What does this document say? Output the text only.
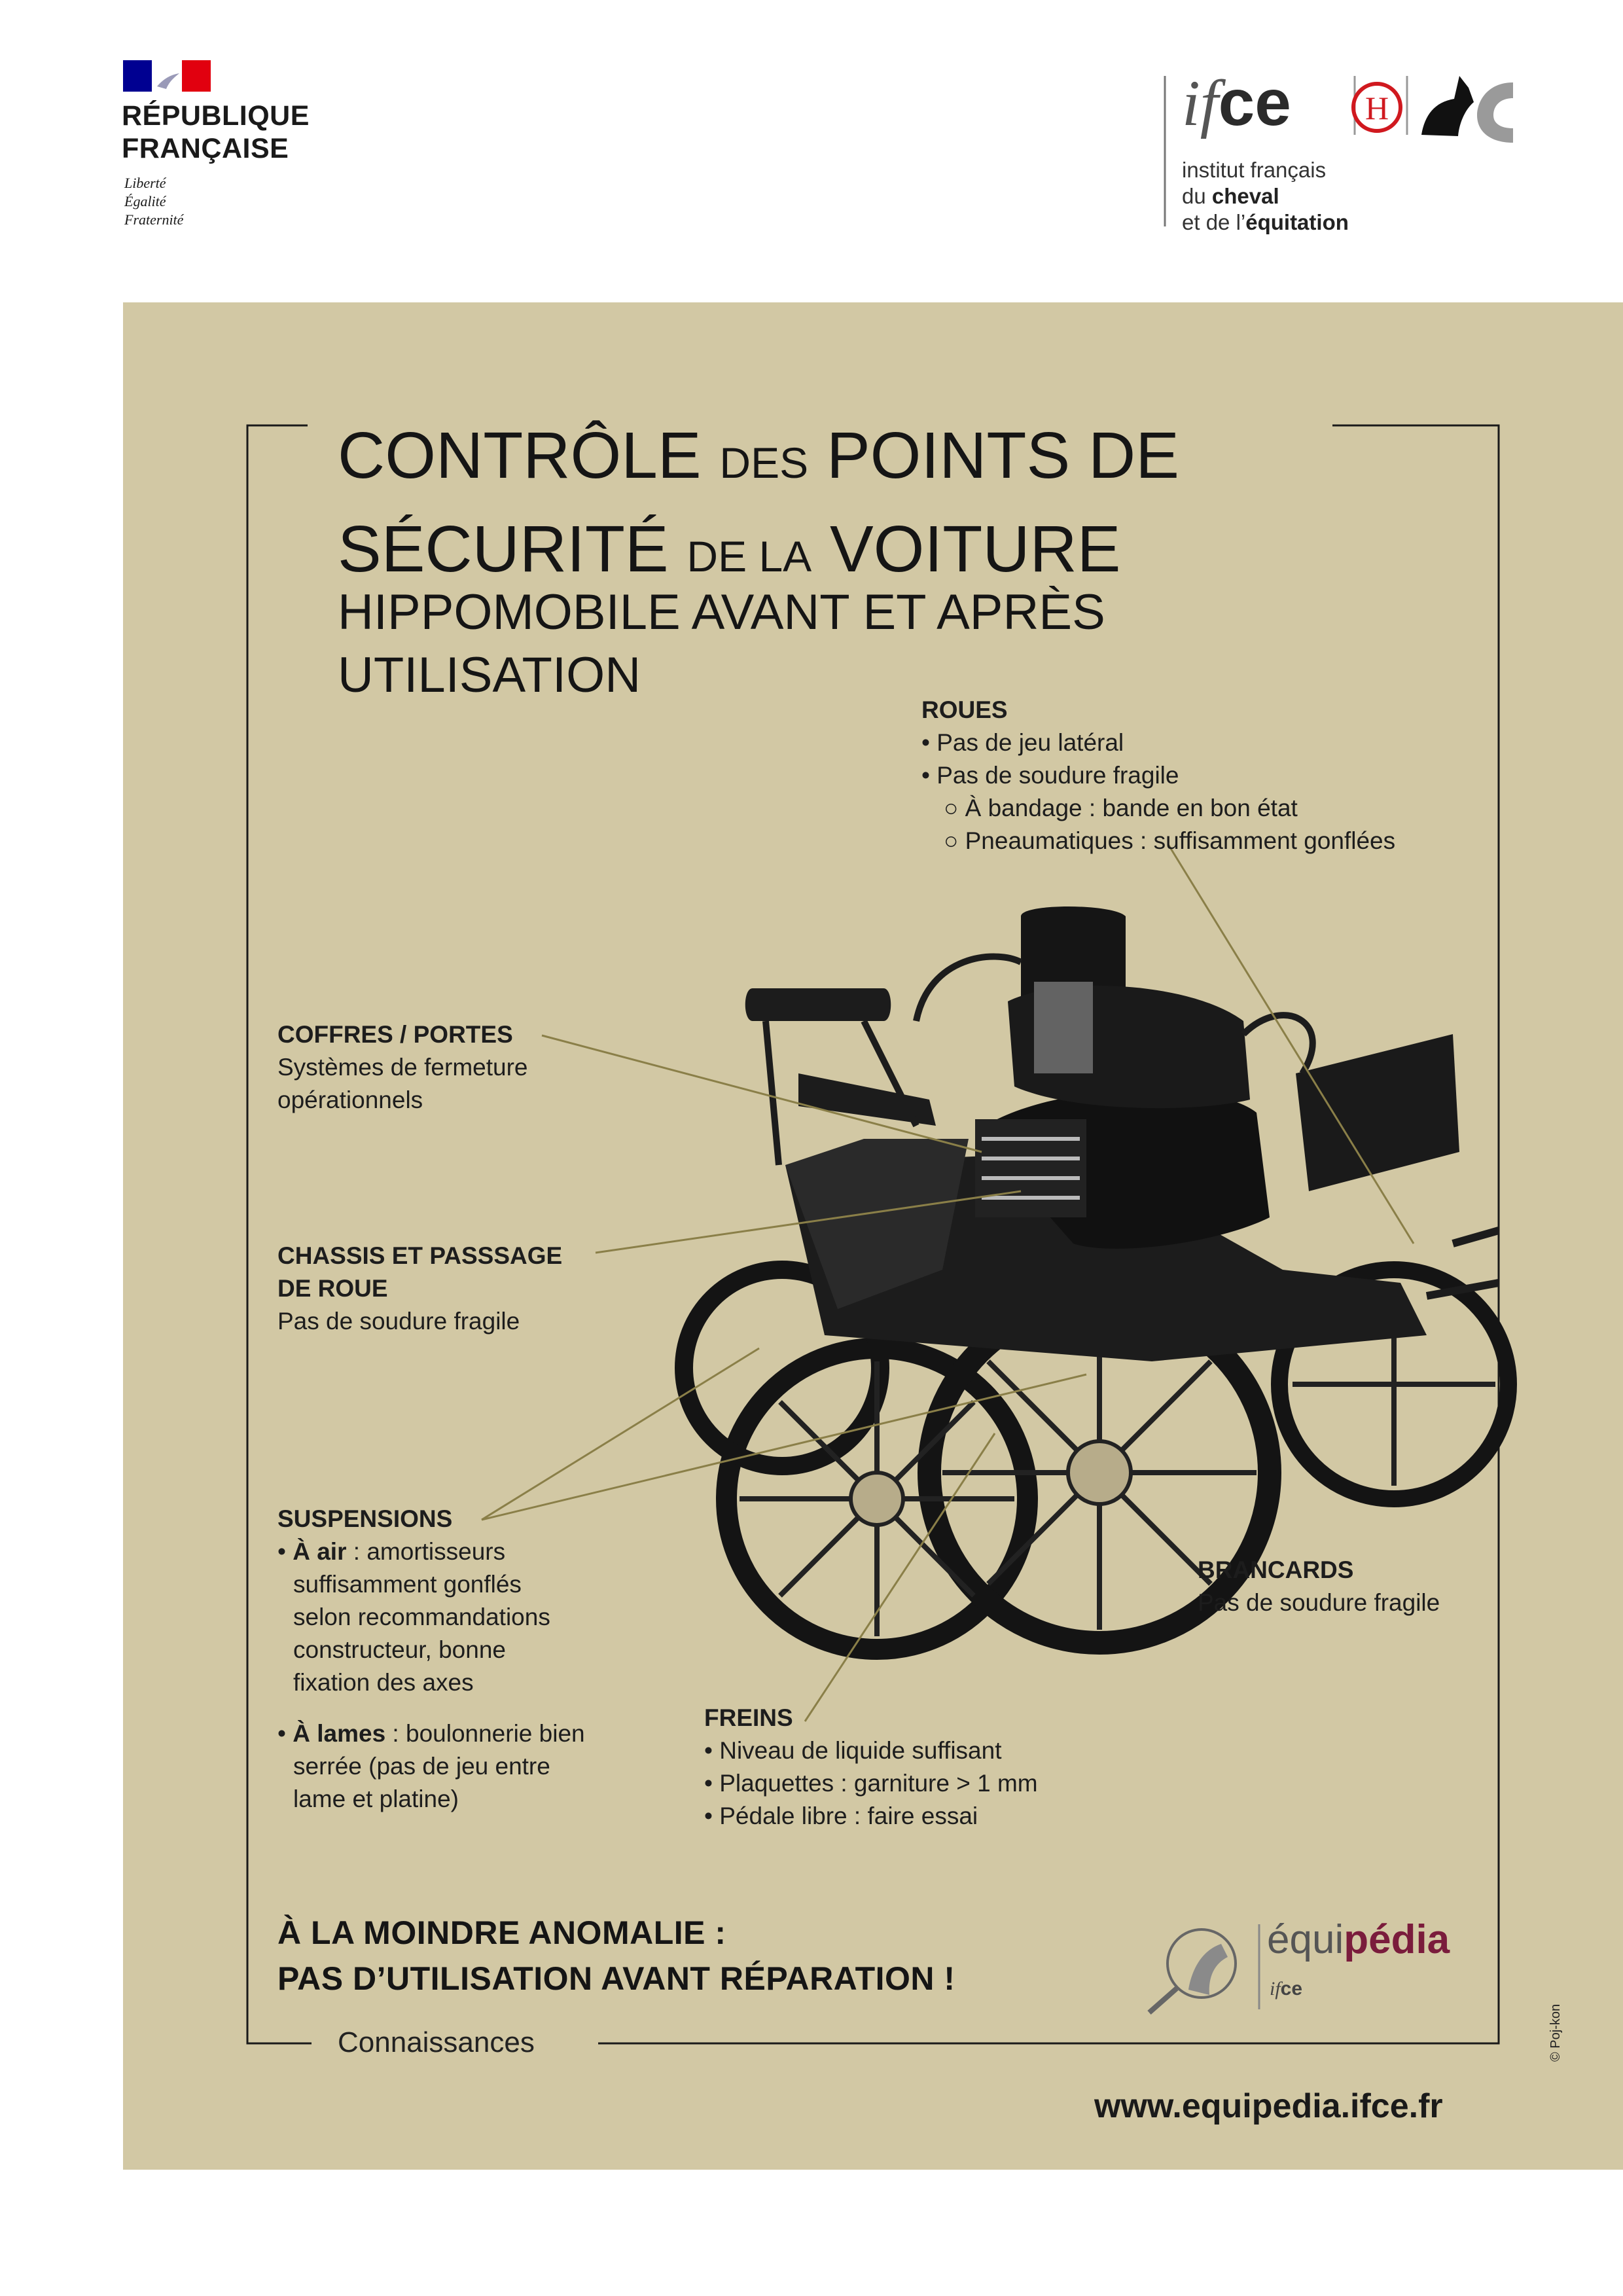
RÉPUBLIQUE
FRANÇAISE
Liberté
Égalité
Fraternité
H
ifce
institut français
du cheval
et de l’équitation
CONTRÔLE DES POINTS DE
SÉCURITÉ DE LA VOITURE
HIPPOMOBILE AVANT ET APRÈS
UTILISATION
ROUES
• Pas de jeu latéral
• Pas de soudure fragile
○ À bandage : bande en bon état
○ Pneaumatiques : suffisamment gonflées
COFFRES / PORTES
Systèmes de fermeture
opérationnels
CHASSIS ET PASSSAGE
DE ROUE
Pas de soudure fragile
SUSPENSIONS
• À air : amortisseurs
suffisamment gonflés
selon recommandations
constructeur, bonne
fixation des axes
• À lames : boulonnerie bien
serrée (pas de jeu entre
lame et platine)
BRANCARDS
Pas de soudure fragile
FREINS
• Niveau de liquide suffisant
• Plaquettes : garniture > 1 mm
• Pédale libre : faire essai
À LA MOINDRE ANOMALIE :
PAS D’UTILISATION AVANT RÉPARATION !
équipédia
ifce
Connaissances	© Poj-kon
www.equipedia.ifce.fr
